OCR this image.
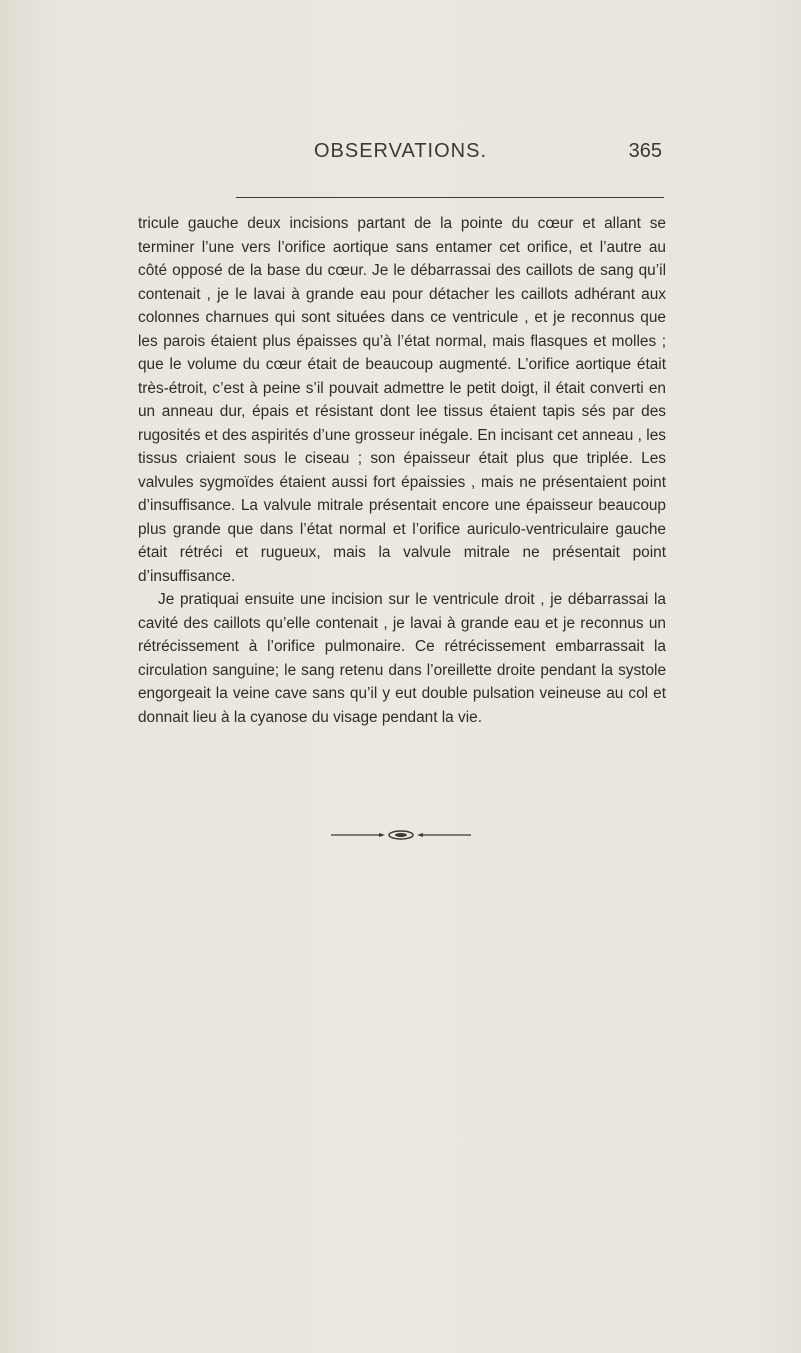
OBSERVATIONS.	365

tricule gauche deux incisions partant de la pointe du cœur et allant se terminer l’une vers l’orifice aortique sans entamer cet orifice, et l’autre au côté opposé de la base du cœur. Je le débarrassai des caillots de sang qu’il contenait , je le lavai à grande eau pour détacher les caillots adhérant aux colonnes charnues qui sont situées dans ce ventricule , et je reconnus que les parois étaient plus épaisses qu’à l’état normal, mais flasques et molles ; que le volume du cœur était de beaucoup augmenté. L’orifice aortique était très-étroit, c’est à peine s’il pouvait admettre le petit doigt, il était converti en un anneau dur, épais et résistant dont lee tissus étaient tapis sés par des rugosités et des aspirités d’une grosseur inégale. En incisant cet anneau , les tissus criaient sous le ciseau ; son épaisseur était plus que triplée. Les valvules sygmoïdes étaient aussi fort épaissies , mais ne présentaient point d’insuffisance. La valvule mitrale présentait encore une épaisseur beaucoup plus grande que dans l’état normal et l’orifice auriculo-ventriculaire gauche était rétréci et rugueux, mais la valvule mitrale ne présentait point d’insuffisance.

Je pratiquai ensuite une incision sur le ventricule droit , je débarrassai la cavité des caillots qu’elle contenait , je lavai à grande eau et je reconnus un rétrécissement à l’orifice pulmonaire. Ce rétrécissement embarrassait la circulation sanguine; le sang retenu dans l’oreillette droite pendant la systole engorgeait la veine cave sans qu’il y eut double pulsation veineuse au col et donnait lieu à la cyanose du visage pendant la vie.
